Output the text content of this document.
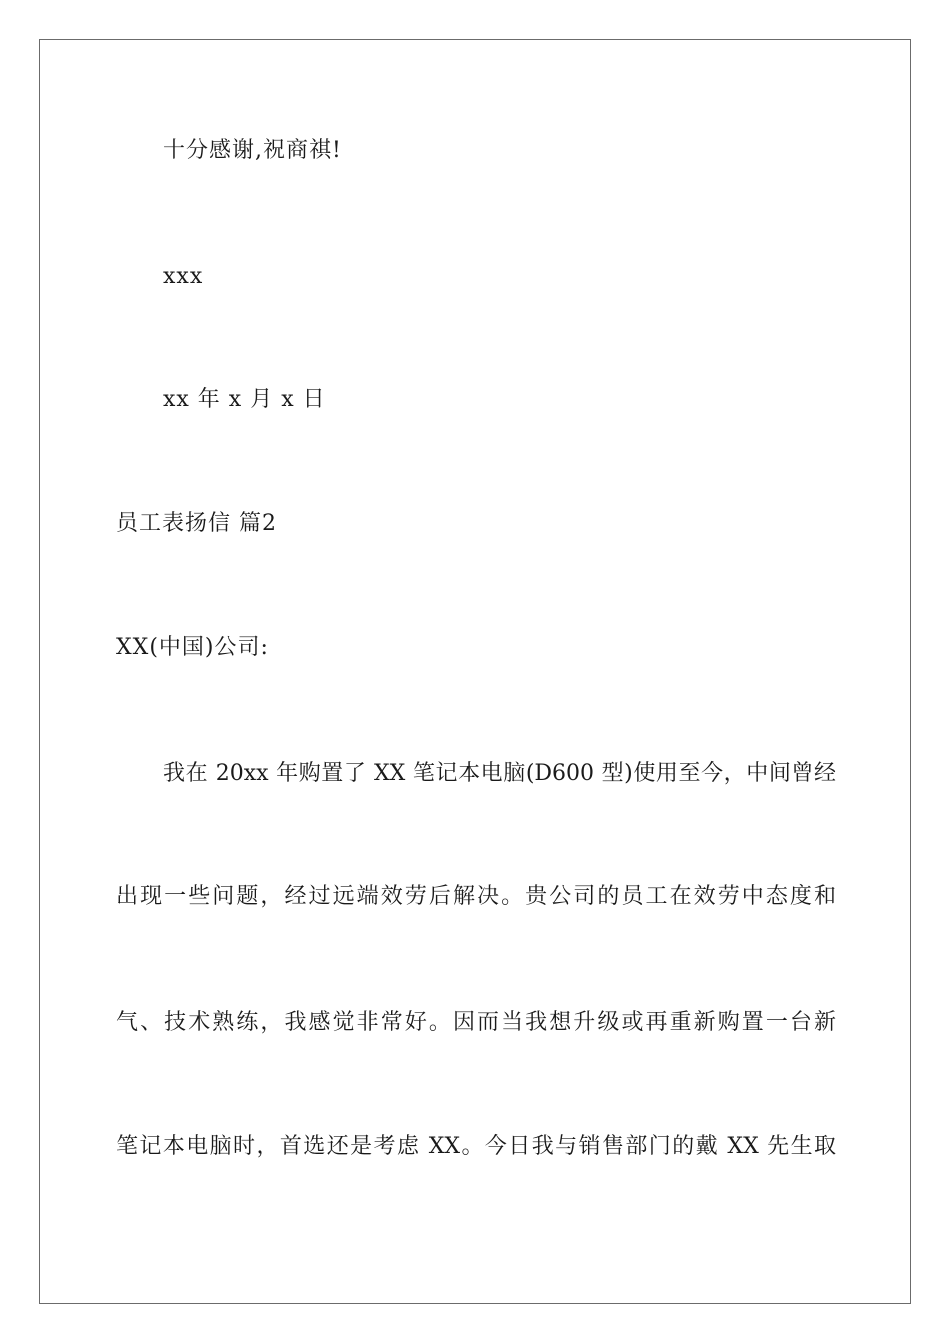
十分感谢,祝商祺!
xxx
xx 年 x 月 x 日
员工表扬信 篇2
XX(中国)公司:
我在 20xx 年购置了 XX 笔记本电脑(D600 型)使用至今，中间曾经
出现一些问题，经过远端效劳后解决。贵公司的员工在效劳中态度和
气、技术熟练，我感觉非常好。因而当我想升级或再重新购置一台新
笔记本电脑时，首选还是考虑 XX。今日我与销售部门的戴 XX 先生取
